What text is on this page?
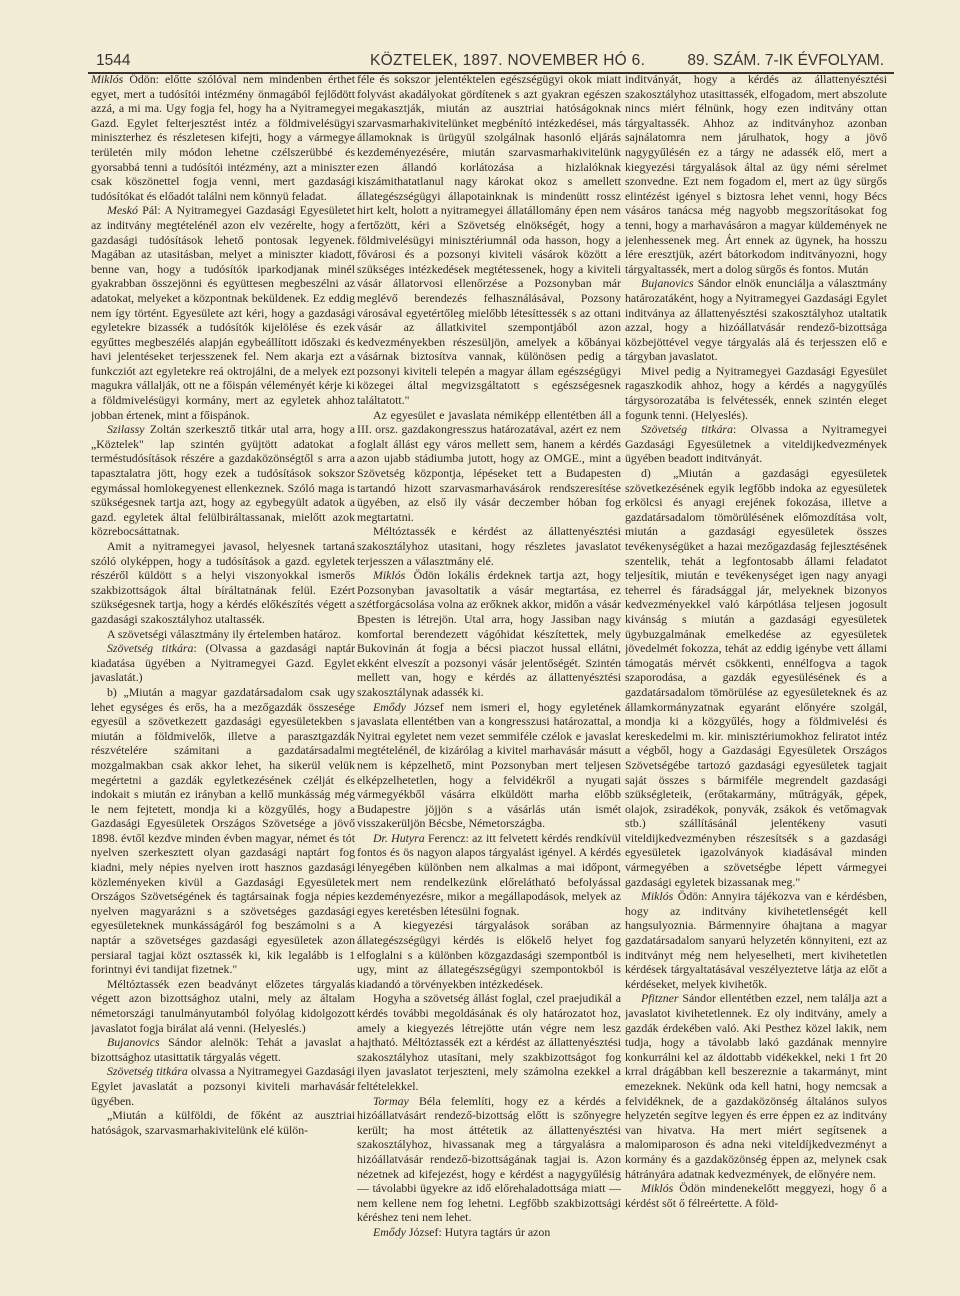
1544	KÖZTELEK, 1897. NOVEMBER HÓ 6.	89. SZÁM. 7-IK ÉVFOLYAM.

Miklós Ödön: előtte szólóval nem mindenben érthet egyet, mert a tudósítói intézmény önmagából fejlődött azzá, a mi ma. Ugy fogja fel, hogy ha a Nyitramegyei Gazd. Egylet felterjesztést intéz a földmivelésügyi miniszterhez és részletesen kifejti, hogy a vármegye területén mily módon lehetne czélszerübbé és gyorsabbá tenni a tudósítói intézmény, azt a miniszter csak köszönettel fogja venni, mert gazdasági tudósítókat és előadót találni nem könnyü feladat.

Meskó Pál: A Nyitramegyei Gazdasági Egyesületet az inditvány megtételénél azon elv vezérelte, hogy a gazdasági tudósítások lehető pontosak legyenek. Magában az utasitásban, melyet a miniszter kiadott, benne van, hogy a tudósítók iparkodjanak minél gyakrabban összejönni és együttesen megbeszélni az adatokat, melyeket a központnak beküldenek. Ez eddig nem így történt. Egyesülete azt kéri, hogy a gazdasági egyletekre bizassék a tudósítók kijelölése és ezek egyűttes megbeszélés alapján egybeállított időszaki és havi jelentéseket terjesszenek fel. Nem akarja ezt a funkcziót azt egyletekre reá oktrojálni, de a melyek ezt magukra vállalják, ott ne a főispán véleményét kérje ki a földmivelésügyi kormány, mert az egyletek ahhoz jobban értenek, mint a főispánok.

Szilassy Zoltán szerkesztő titkár utal arra, hogy a „Köztelek" lap szintén gyüjtött adatokat a terméstudósítások részére a gazdaközönségtől s arra a tapasztalatra jött, hogy ezek a tudósítások sokszor egymással homlokegyenest ellenkeznek. Szóló maga is szükségesnek tartja azt, hogy az egybegyült adatok a gazd. egyletek által felülbiráltassanak, mielőtt azok közrebocsáttatnak.

Amit a nyitramegyei javasol, helyesnek tartaná szóló olyképpen, hogy a tudósítások a gazd. egyletek részéről küldött s a helyi viszonyokkal ismerős szakbizottságok által bíráltatnának felül. Ezért szükségesnek tartja, hogy a kérdés előkészítés végett a gazdasági szakosztályhoz utaltassék.

A szövetségi választmány ily értelemben határoz.

Szövetség titkára: (Olvassa a gazdasági naptár kiadatása ügyében a Nyitramegyei Gazd. Egylet javaslatát.)

b) „Miután a magyar gazdatársadalom csak ugy lehet egységes és erős, ha a mezőgazdák összesége egyesül a szövetkezett gazdasági egyesületekben s miután a földmivelők, illetve a parasztgazdák részvételére számitani a gazdatársadalmi mozgalmakban csak akkor lehet, ha sikerül velük megértetni a gazdák egyletkezésének czélját és indokait s miután ez irányban a kellő munkásság még le nem fejtetett, mondja ki a közgyűlés, hogy a Gazdasági Egyesületek Országos Szövetsége a jövő 1898. évtől kezdve minden évben magyar, német és tót nyelven szerkesztett olyan gazdasági naptárt fog kiadni, mely népies nyelven irott hasznos gazdasági közleményeken kivül a Gazdasági Egyesületek Országos Szövetségének és tagtársainak fogja népies nyelven magyarázni s a szövetséges gazdasági egyesületeknek munkásságáról fog beszámolni s a naptár a szövetséges gazdasági egyesületek azon persiaral tagjai közt osztassék ki, kik legalább is 1 forintnyi évi tandijat fizetnek."

Méltóztassék ezen beadványt előzetes tárgyalás végett azon bizottsághoz utalni, mely az általam németországi tanulmányutamból folyólag kidolgozott javaslatot fogja birálat alá venni. (Helyeslés.)

Bujanovics Sándor alelnök: Tehát a javaslat a bizottsághoz utasittatik tárgyalás végett.

Szövetség titkára olvassa a Nyitramegyei Gazdasági Egylet javaslatát a pozsonyi kiviteli marhavásár ügyében.

„Miután a külföldi, de főként az ausztriai hatóságok, szarvasmarhakivitelünk elé külön-

féle és sokszor jelentéktelen egészségügyi okok miatt folyvást akadályokat gördítenek s azt gyakran egészen megakasztják, miután az ausztriai hatóságoknak szarvasmarhakivitelünket megbénító intézkedései, más államoknak is ürügyül szolgálnak hasonló eljárás kezdeményezésére, miután szarvasmarhakivitelünk ezen állandó korlátozása a hizlalóknak kiszámithatatlanul nagy károkat okoz s amellett állategészségügyi állapotainknak is mindenütt rossz hirt kelt, holott a nyitramegyei állatállomány épen nem fertőzött, kéri a Szövetség elnökségét, hogy a földmivelésügyi minisztériumnál oda hasson, hogy a fővárosi és a pozsonyi kiviteli vásárok között a szükséges intézkedések megtétessenek, hogy a kiviteli vásár állatorvosi ellenőrzése a Pozsonyban már meglévő berendezés felhasználásával, Pozsony városával egyetértőleg mielőbb létesíttessék s az ottani vásár az állatkivitel szempontjából azon kedvezményekben részesüljön, amelyek a kőbányai vásárnak biztosítva vannak, különösen pedig a pozsonyi kiviteli telepén a magyar állam egészségügyi közegei által megvizsgáltatott s egészségesnek találtatott."

Az egyesület e javaslata némiképp ellentétben áll a III. orsz. gazdakongresszus határozatával, azért ez nem foglalt állást egy város mellett sem, hanem a kérdés azon ujabb stádiumba jutott, hogy az OMGE., mint a Szövetség központja, lépéseket tett a Budapesten tartandó hizott szarvasmarhavásárok rendszeresítése ügyében, az első ily vásár deczember hóban fog megtartatni.

Méltóztassék e kérdést az állattenyésztési szakosztályhoz utasitani, hogy részletes javaslatot terjesszen a választmány elé.

Miklós Ödön lokális érdeknek tartja azt, hogy Pozsonyban javasoltatik a vásár megtartása, ez szétforgácsolása volna az erőknek akkor, midőn a vásár Bpesten is létrejön. Utal arra, hogy Jassiban nagy komfortal berendezett vágóhidat készítettek, mely Bukovinán át fogja a bécsi piaczot hussal ellátni, ekként elveszít a pozsonyi vásár jelentőségét. Szintén mellett van, hogy e kérdés az állattenyésztési szakosztálynak adassék ki.

Emődy József nem ismeri el, hogy egyletének javaslata ellentétben van a kongresszusi határozattal, a Nyitrai egyletet nem vezet semmiféle czélok e javaslat megtételénél, de kizárólag a kivitel marhavásár másutt nem is képzelhető, mint Pozsonyban mert teljesen elképzelhetetlen, hogy a felvidékről a nyugati vármegyékből vásárra elküldött marha előbb Budapestre jöjjön s a vásárlás után ismét visszakerüljön Bécsbe, Németországba.

Dr. Hutyra Ferencz: az itt felvetett kérdés rendkívül fontos és ös nagyon alapos tárgyalást igényel. A kérdés lényegében különben nem alkalmas a mai időpont, mert nem rendelkezünk előrelátható befolyással kezdeményezésre, mikor a megállapodások, melyek az egyes keretésben létesülni fognak.

A kiegyezési tárgyalások sorában az állategészségügyi kérdés is előkelő helyet fog elfoglalni s a különben közgazdasági szempontból is ugy, mint az állategészségügyi szempontokból is kiadandó a törvényekben intézkedések.

Hogyha a szövetség állást foglal, czel praejudikál a kérdés további megoldásának és oly határozatot hoz, amely a kiegyezés létrejötte után végre nem lesz hajtható. Méltóztassék ezt a kérdést az állattenyésztési szakosztályhoz utasítani, mely szakbizottságot fog ilyen javaslatot terjeszteni, mely számolna ezekkel a feltételekkel.

Tormay Béla felemlíti, hogy ez a kérdés a hizóállatvásárt rendező-bizottság előtt is szőnyegre került; ha most áttétetik az állattenyésztési szakosztályhoz, hivassanak meg a tárgyalásra a hizóállatvásár rendező-bizottságának tagjai is. Azon nézetnek ad kifejezést, hogy e kérdést a nagygyűlésig — távolabbi ügyekre az idő előrehaladottsága miatt — nem kellene nem fog lehetni. Legfőbb szakbizottsági kéréshez teni nem lehet.

Emődy József: Hutyra tagtárs úr azon

inditványát, hogy a kérdés az állattenyésztési szakosztályhoz utasittassék, elfogadom, mert abszolute nincs miért félnünk, hogy ezen inditvány ottan tárgyaltassék. Ahhoz az inditványhoz azonban sajnálatomra nem járulhatok, hogy a jövő nagygyűlésén ez a tárgy ne adassék elő, mert a kiegyezési tárgyalások által az ügy némi sérelmet szonvedne. Ezt nem fogadom el, mert az ügy sürgős elintézést igényel s biztosra lehet venni, hogy Bécs vásáros tanácsa még nagyobb megszorításokat fog tenni, hogy a marhavásáron a magyar küldemények ne jelenhessenek meg. Árt ennek az ügynek, ha hosszu lére eresztjük, azért bátorkodom inditványozni, hogy tárgyaltassék, mert a dolog sürgős és fontos. Mután

Bujanovics Sándor elnök enunciálja a választmány határozatáként, hogy a Nyitramegyei Gazdasági Egylet inditványa az állattenyésztési szakosztályhoz utaltatik azzal, hogy a hizóállatvásár rendező-bizottsága közbejöttével vegye tárgyalás alá és terjesszen elő e tárgyban javaslatot.

Mivel pedig a Nyitramegyei Gazdasági Egyesület ragaszkodik ahhoz, hogy a kérdés a nagygyűlés tárgysorozatába is felvétessék, ennek szintén eleget fogunk tenni. (Helyeslés).

Szövetség titkára: Olvassa a Nyitramegyei Gazdasági Egyesületnek a viteldijkedvezmények ügyében beadott inditványát.

d) „Miután a gazdasági egyesületek szövetkezésének egyik legfőbb indoka az egyesületek erkölcsi és anyagi erejének fokozása, illetve a gazdatársadalom tömörülésének előmozdítása volt, miután a gazdasági egyesületek összes tevékenységüket a hazai mezőgazdaság fejlesztésének szentelik, tehát a legfontosabb állami feladatot teljesítik, miután e tevékenységet igen nagy anyagi teherrel és fáradsággal jár, melyeknek bizonyos kedvezményekkel való kárpótlása teljesen jogosult kivánság s miután a gazdasági egyesületek ügybuzgalmának emelkedése az egyesületek jövedelmét fokozza, tehát az eddig igénybe vett állami támogatás mérvét csökkenti, ennélfogva a tagok szaporodása, a gazdák egyesülésének és a gazdatársadalom tömörülése az egyesületeknek és az államkormányzatnak egyaránt előnyére szolgál, mondja ki a közgyűlés, hogy a földmivelési és kereskedelmi m. kir. minisztériumokhoz feliratot intéz a végből, hogy a Gazdasági Egyesületek Országos Szövetségébe tartozó gazdasági egyesületek tagjait saját összes s bármiféle megrendelt gazdasági szükségleteik, (erőtakarmány, műtrágyák, gépek, olajok, zsiradékok, ponyvák, zsákok és vetőmagvak stb.) szállításánál jelentékeny vasuti viteldijkedvezményben részesítsék s a gazdasági egyesületek igazolványok kiadásával minden vármegyében a szövetségbe lépett vármegyei gazdasági egyletek bizassanak meg."

Miklós Ödön: Annyira tájékozva van e kérdésben, hogy az inditvány kivihetetlenségét kell hangsulyoznia. Bármennyire óhajtana a magyar gazdatársadalom sanyarú helyzetén könnyiteni, ezt az inditványt még nem helyeselheti, mert kivihetetlen kérdések tárgyaltatásával veszélyeztetve látja az előt a kérdéseket, melyek kivihetők.

Pfitzner Sándor ellentétben ezzel, nem találja azt a javaslatot kivihetetlennek. Ez oly inditvány, amely a gazdák érdekében való. Aki Pesthez közel lakik, nem tudja, hogy a távolabb lakó gazdának mennyire konkurrálni kel az áldottabb vidékekkel, neki 1 frt 20 krral drágábban kell beszereznie a takarmányt, mint emezeknek. Nekünk oda kell hatni, hogy nemcsak a felvidéknek, de a gazdaközönség általános sulyos helyzetén segítve legyen és erre éppen ez az inditvány van hivatva. Ha mert miért segítsenek a malomiparoson és adna neki viteldíjkedvezményt a kormány és a gazdaközönség éppen az, melynek csak hátrányára adatnak kedvezmények, de előnyére nem.

Miklós Ödön mindenekelőtt meggyezi, hogy ő a kérdést sőt ő félreértette. A föld-
